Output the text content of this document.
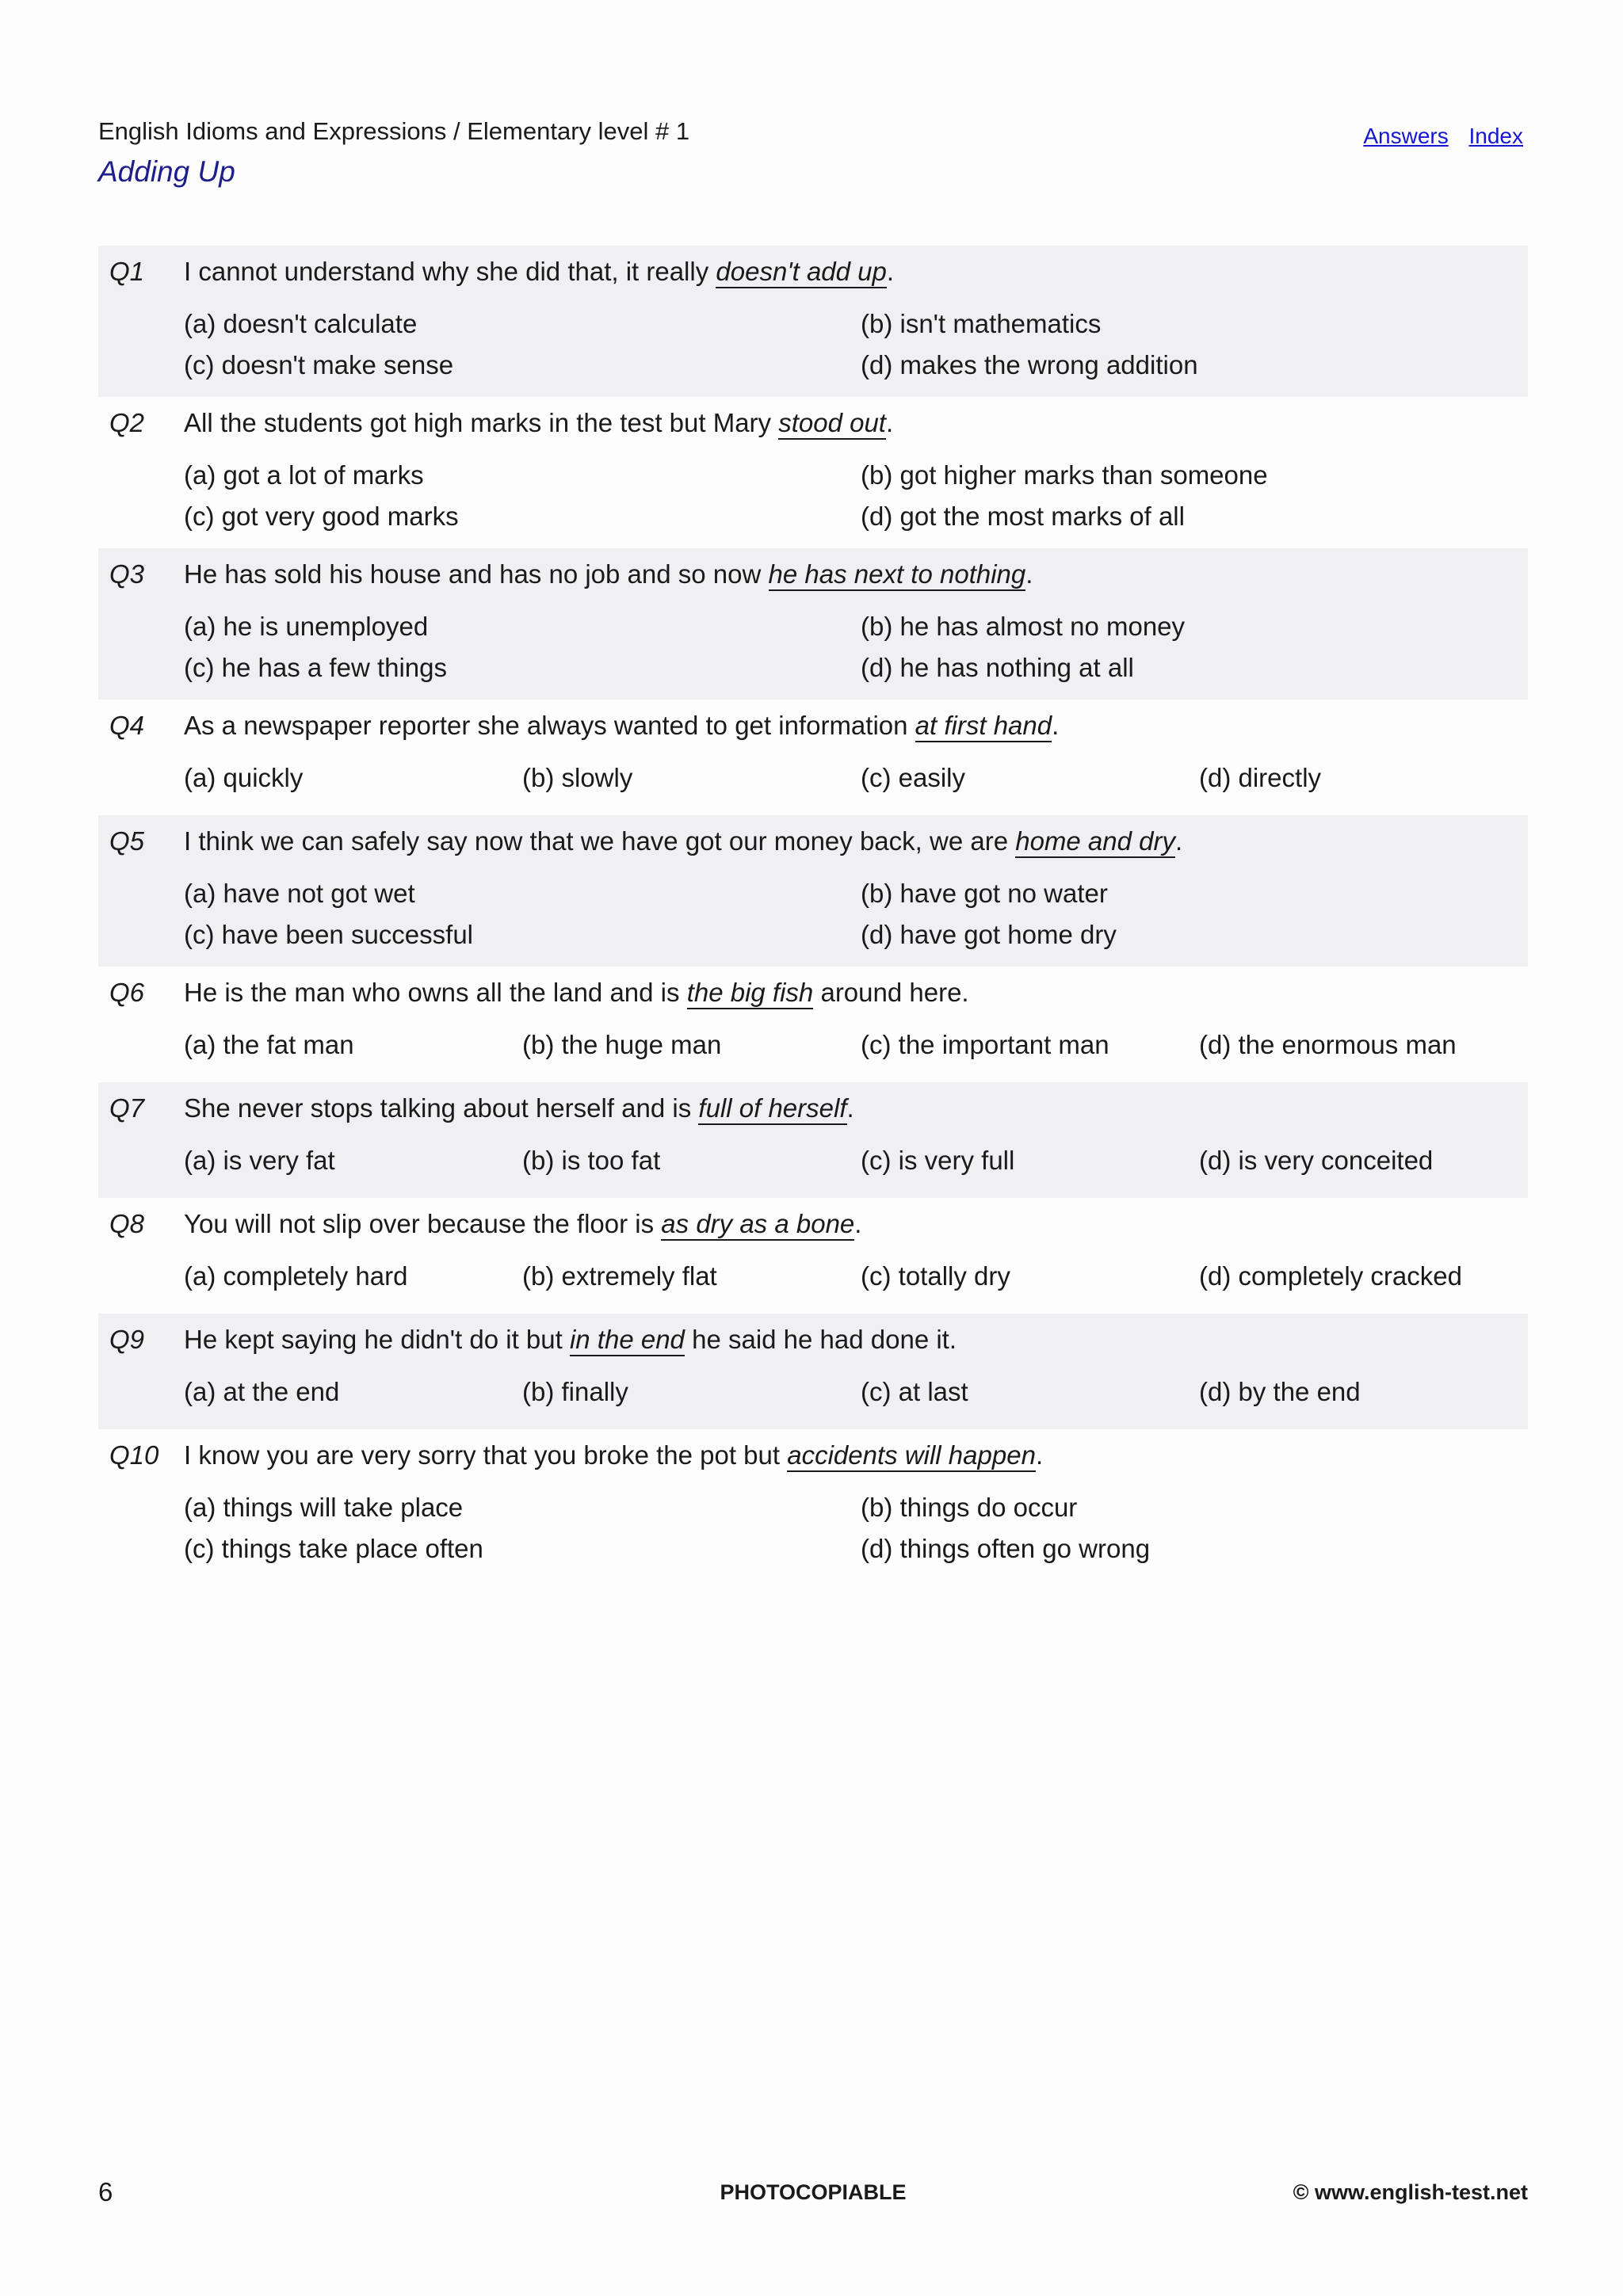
English Idioms and Expressions / Elementary level # 1
Adding Up
Answers Index
Q1 I cannot understand why she did that, it really doesn't add up.
(a) doesn't calculate	(b) isn't mathematics
(c) doesn't make sense	(d) makes the wrong addition
Q2 All the students got high marks in the test but Mary stood out.
(a) got a lot of marks	(b) got higher marks than someone
(c) got very good marks	(d) got the most marks of all
Q3 He has sold his house and has no job and so now he has next to nothing.
(a) he is unemployed	(b) he has almost no money
(c) he has a few things	(d) he has nothing at all
Q4 As a newspaper reporter she always wanted to get information at first hand.
(a) quickly	(b) slowly	(c) easily	(d) directly
Q5 I think we can safely say now that we have got our money back, we are home and dry.
(a) have not got wet	(b) have got no water
(c) have been successful	(d) have got home dry
Q6 He is the man who owns all the land and is the big fish around here.
(a) the fat man	(b) the huge man	(c) the important man	(d) the enormous man
Q7 She never stops talking about herself and is full of herself.
(a) is very fat	(b) is too fat	(c) is very full	(d) is very conceited
Q8 You will not slip over because the floor is as dry as a bone.
(a) completely hard	(b) extremely flat	(c) totally dry	(d) completely cracked
Q9 He kept saying he didn't do it but in the end he said he had done it.
(a) at the end	(b) finally	(c) at last	(d) by the end
Q10 I know you are very sorry that you broke the pot but accidents will happen.
(a) things will take place	(b) things do occur
(c) things take place often	(d) things often go wrong
6	PHOTOCOPIABLE	© www.english-test.net
